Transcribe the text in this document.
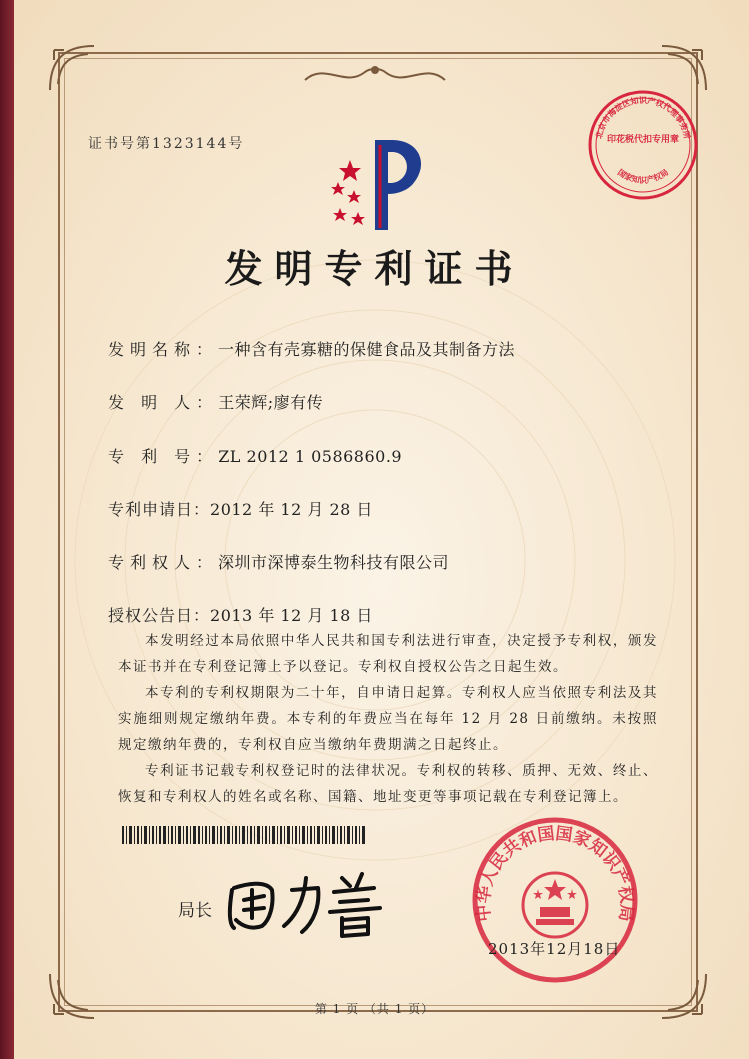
证书号第1323144号
发明专利证书
发明名称：一种含有壳寡糖的保健食品及其制备方法
发 明 人：王荣辉;廖有传
专 利 号：ZL 2012 1 0586860.9
专利申请日：2012 年 12 月 28 日
专利权人：深圳市深博泰生物科技有限公司
授权公告日：2013 年 12 月 18 日

本发明经过本局依照中华人民共和国专利法进行审查，决定授予专利权，颁发本证书并在专利登记簿上予以登记。专利权自授权公告之日起生效。

本专利的专利权期限为二十年，自申请日起算。专利权人应当依照专利法及其实施细则规定缴纳年费。本专利的年费应当在每年 12 月 28 日前缴纳。未按照规定缴纳年费的，专利权自应当缴纳年费期满之日起终止。

专利证书记载专利权登记时的法律状况。专利权的转移、质押、无效、终止、恢复和专利权人的姓名或名称、国籍、地址变更等事项记载在专利登记簿上。

局长
北京市海淀区知识产权代理事务所
印花税代扣专用章
国家知识产权局
中华人民共和国国家知识产权局
2013年12月18日
第 1 页 （共 1 页）
